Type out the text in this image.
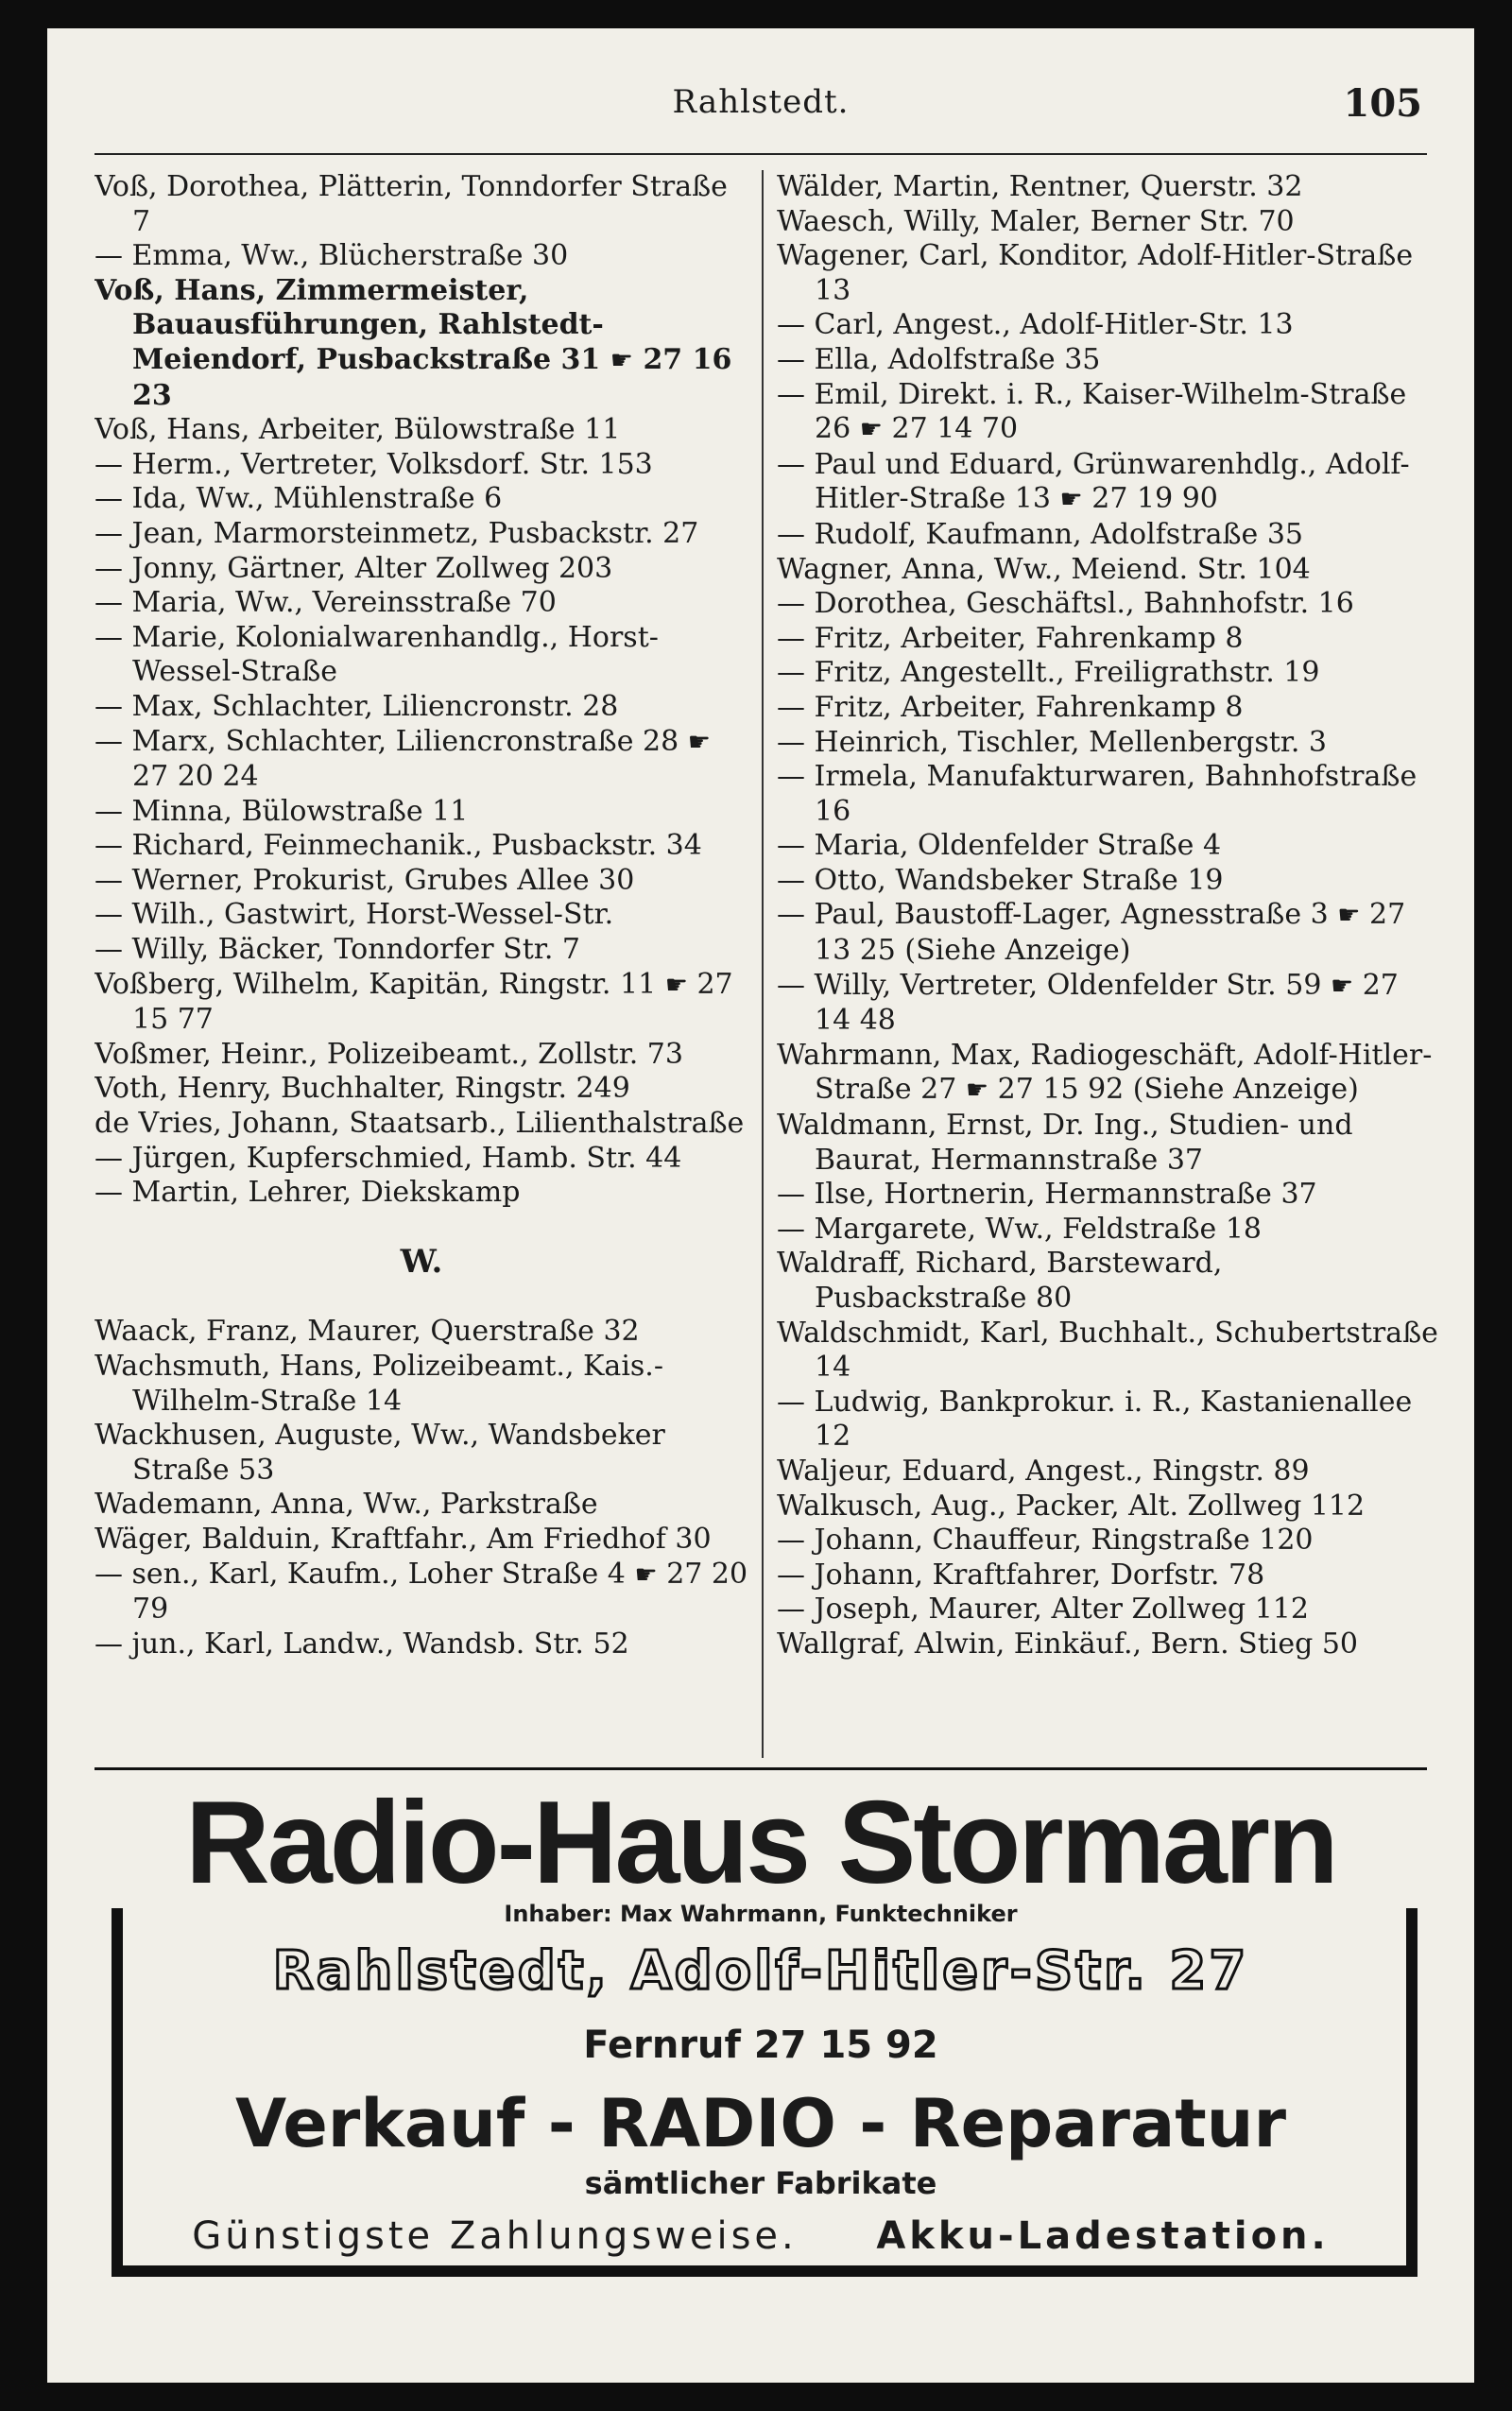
Rahlstedt.	105
Voß, Dorothea, Plätterin, Tonndorfer Straße 7
— Emma, Ww., Blücherstraße 30
Voß, Hans, Zimmermeister, Bauausführungen, Rahlstedt-Meiendorf, Pusbackstraße 31 ☛ 27 16 23
Voß, Hans, Arbeiter, Bülowstraße 11
— Herm., Vertreter, Volksdorf. Str. 153
— Ida, Ww., Mühlenstraße 6
— Jean, Marmorsteinmetz, Pusbackstr. 27
— Jonny, Gärtner, Alter Zollweg 203
— Maria, Ww., Vereinsstraße 70
— Marie, Kolonialwarenhandlg., Horst-Wessel-Straße
— Max, Schlachter, Liliencronstr. 28
— Marx, Schlachter, Liliencronstraße 28 ☛ 27 20 24
— Minna, Bülowstraße 11
— Richard, Feinmechanik., Pusbackstr. 34
— Werner, Prokurist, Grubes Allee 30
— Wilh., Gastwirt, Horst-Wessel-Str.
— Willy, Bäcker, Tonndorfer Str. 7
Voßberg, Wilhelm, Kapitän, Ringstr. 11 ☛ 27 15 77
Voßmer, Heinr., Polizeibeamt., Zollstr. 73
Voth, Henry, Buchhalter, Ringstr. 249
de Vries, Johann, Staatsarb., Lilienthalstraße
— Jürgen, Kupferschmied, Hamb. Str. 44
— Martin, Lehrer, Diekskamp
W.
Waack, Franz, Maurer, Querstraße 32
Wachsmuth, Hans, Polizeibeamt., Kais.-Wilhelm-Straße 14
Wackhusen, Auguste, Ww., Wandsbeker Straße 53
Wademann, Anna, Ww., Parkstraße
Wäger, Balduin, Kraftfahr., Am Friedhof 30
— sen., Karl, Kaufm., Loher Straße 4 ☛ 27 20 79
— jun., Karl, Landw., Wandsb. Str. 52
Wälder, Martin, Rentner, Querstr. 32
Waesch, Willy, Maler, Berner Str. 70
Wagener, Carl, Konditor, Adolf-Hitler-Straße 13
— Carl, Angest., Adolf-Hitler-Str. 13
— Ella, Adolfstraße 35
— Emil, Direkt. i. R., Kaiser-Wilhelm-Straße 26 ☛ 27 14 70
— Paul und Eduard, Grünwarenhdlg., Adolf-Hitler-Straße 13 ☛ 27 19 90
— Rudolf, Kaufmann, Adolfstraße 35
Wagner, Anna, Ww., Meiend. Str. 104
— Dorothea, Geschäftsl., Bahnhofstr. 16
— Fritz, Arbeiter, Fahrenkamp 8
— Fritz, Angestellt., Freiligrathstr. 19
— Fritz, Arbeiter, Fahrenkamp 8
— Heinrich, Tischler, Mellenbergstr. 3
— Irmela, Manufakturwaren, Bahnhofstraße 16
— Maria, Oldenfelder Straße 4
— Otto, Wandsbeker Straße 19
— Paul, Baustoff-Lager, Agnesstraße 3 ☛ 27 13 25 (Siehe Anzeige)
— Willy, Vertreter, Oldenfelder Str. 59 ☛ 27 14 48
Wahrmann, Max, Radiogeschäft, Adolf-Hitler-Straße 27 ☛ 27 15 92 (Siehe Anzeige)
Waldmann, Ernst, Dr. Ing., Studien- und Baurat, Hermannstraße 37
— Ilse, Hortnerin, Hermannstraße 37
— Margarete, Ww., Feldstraße 18
Waldraff, Richard, Barsteward, Pusbackstraße 80
Waldschmidt, Karl, Buchhalt., Schubertstraße 14
— Ludwig, Bankprokur. i. R., Kastanienallee 12
Waljeur, Eduard, Angest., Ringstr. 89
Walkusch, Aug., Packer, Alt. Zollweg 112
— Johann, Chauffeur, Ringstraße 120
— Johann, Kraftfahrer, Dorfstr. 78
— Joseph, Maurer, Alter Zollweg 112
Wallgraf, Alwin, Einkäuf., Bern. Stieg 50
Radio-Haus Stormarn
Inhaber: Max Wahrmann, Funktechniker
Rahlstedt, Adolf-Hitler-Str. 27
Fernruf 27 15 92
Verkauf - RADIO - Reparatur
sämtlicher Fabrikate
Günstigste Zahlungsweise. Akku-Ladestation.
